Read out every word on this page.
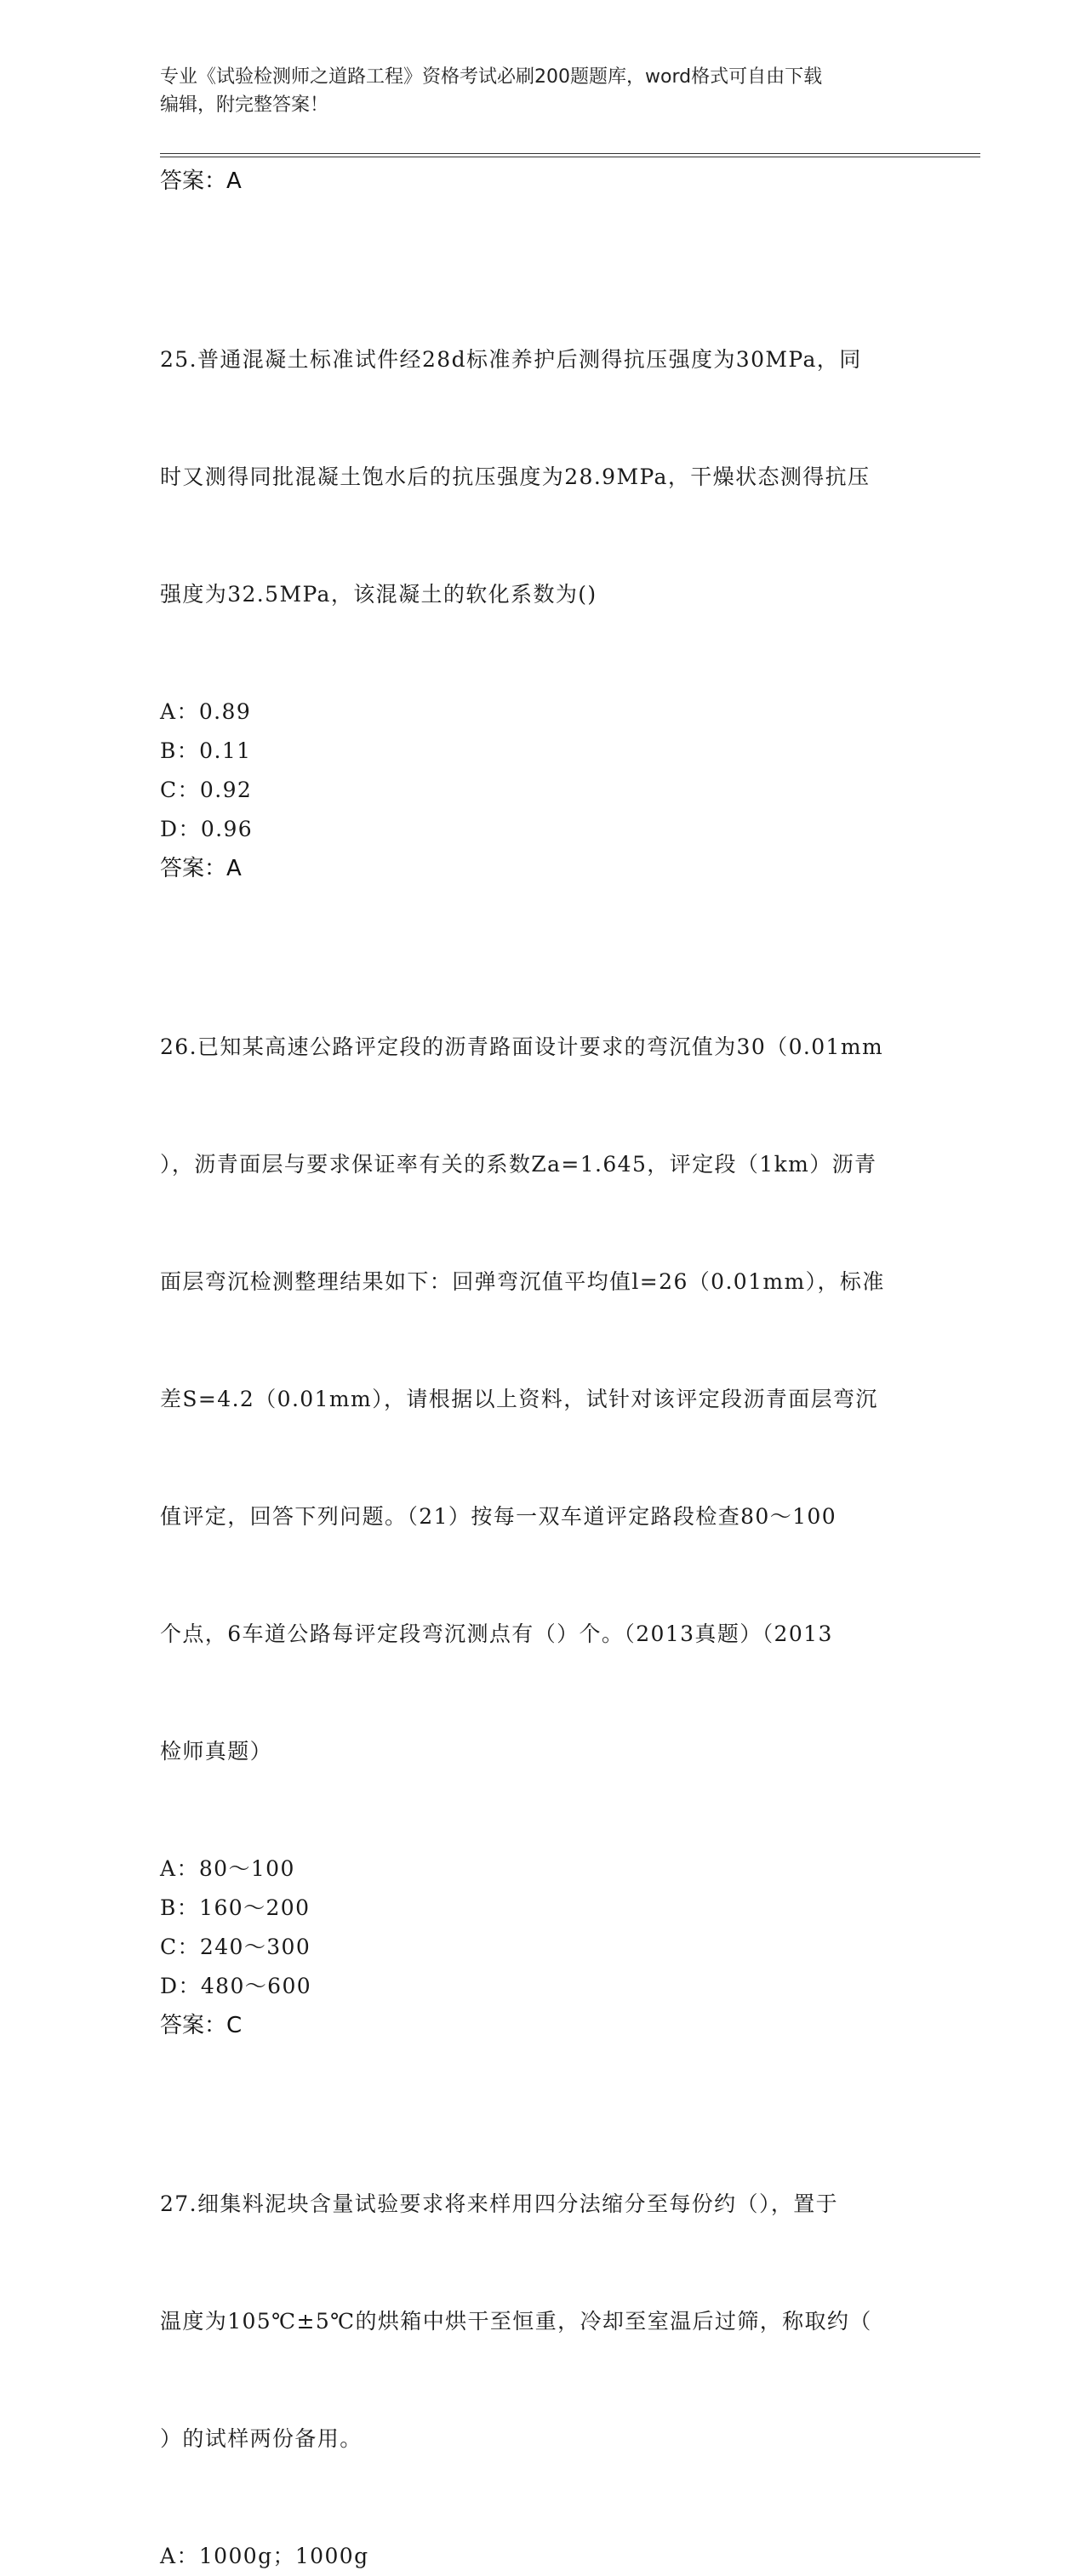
专业《试验检测师之道路工程》资格考试必刷200题题库，word格式可自由下载
编辑，附完整答案！
答案：A

25.普通混凝土标准试件经28d标准养护后测得抗压强度为30MPa，同

时又测得同批混凝土饱水后的抗压强度为28.9MPa，干燥状态测得抗压

强度为32.5MPa，该混凝土的软化系数为()

A：0.89
B：0.11
C：0.92
D：0.96
答案：A

26.已知某高速公路评定段的沥青路面设计要求的弯沉值为30（0.01mm

），沥青面层与要求保证率有关的系数Za=1.645，评定段（1km）沥青

面层弯沉检测整理结果如下：回弹弯沉值平均值l=26（0.01mm），标准

差S=4.2（0.01mm），请根据以上资料，试针对该评定段沥青面层弯沉

值评定，回答下列问题。（21）按每一双车道评定路段检查80～100

个点，6车道公路每评定段弯沉测点有（）个。（2013真题）（2013

检师真题）

A：80～100
B：160～200
C：240～300
D：480～600
答案：C

27.细集料泥块含量试验要求将来样用四分法缩分至每份约（），置于

温度为105℃±5℃的烘箱中烘干至恒重，冷却至室温后过筛，称取约（

）的试样两份备用。

A：1000g；1000g
